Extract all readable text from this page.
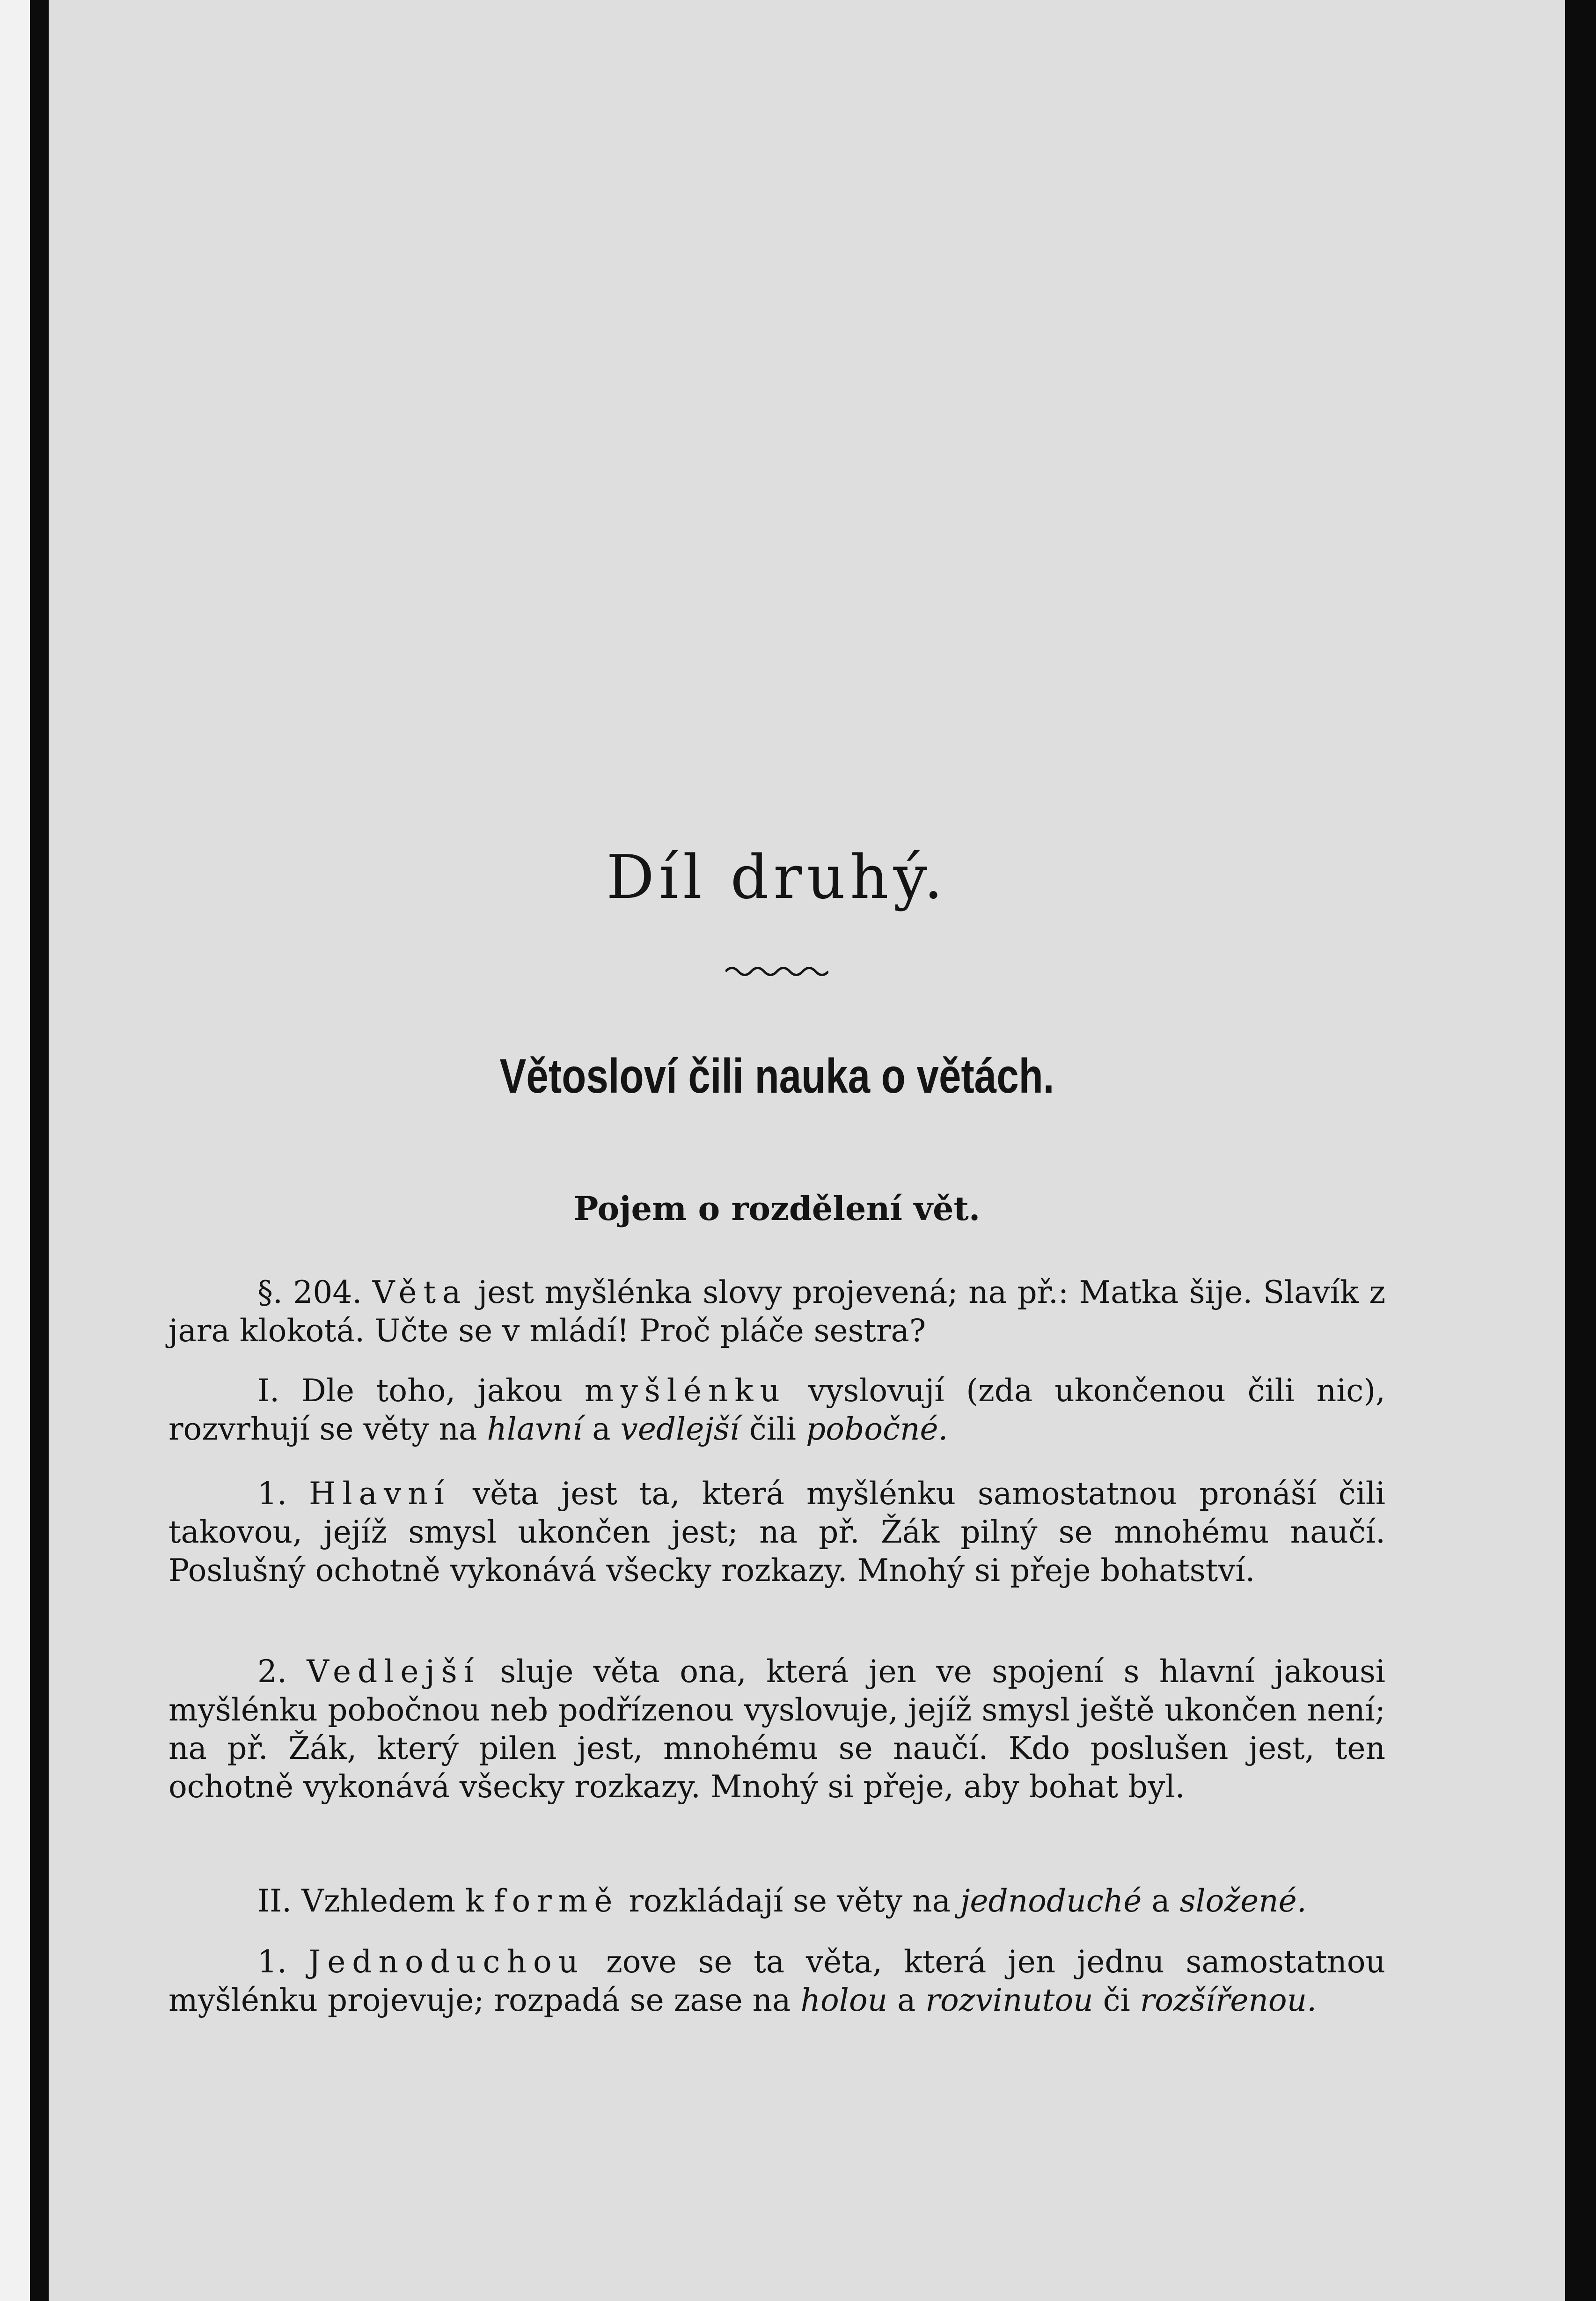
Díl druhý.
Větosloví čili nauka o větách.
Pojem o rozdělení vět.

§. 204. Věta jest myšlénka slovy projevená; na př.: Matka šije. Slavík z jara klokotá. Učte se v mládí! Proč pláče sestra?

I. Dle toho, jakou myšlénku vyslovují (zda ukončenou čili nic), rozvrhují se věty na hlavní a vedlejší čili pobočné.

1. Hlavní věta jest ta, která myšlénku samostatnou pronáší čili takovou, jejíž smysl ukončen jest; na př. Žák pilný se mnohému naučí. Poslušný ochotně vykonává všecky rozkazy. Mnohý si přeje bohatství.

2. Vedlejší sluje věta ona, která jen ve spojení s hlavní jakousi myšlénku pobočnou neb podřízenou vyslovuje, jejíž smysl ještě ukončen není; na př. Žák, který pilen jest, mnohému se naučí. Kdo poslušen jest, ten ochotně vykonává všecky rozkazy. Mnohý si přeje, aby bohat byl.

II. Vzhledem k formě rozkládají se věty na jednoduché a složené.

1. Jednoduchou zove se ta věta, která jen jednu samostatnou myšlénku projevuje; rozpadá se zase na holou a rozvinutou či rozšířenou.
